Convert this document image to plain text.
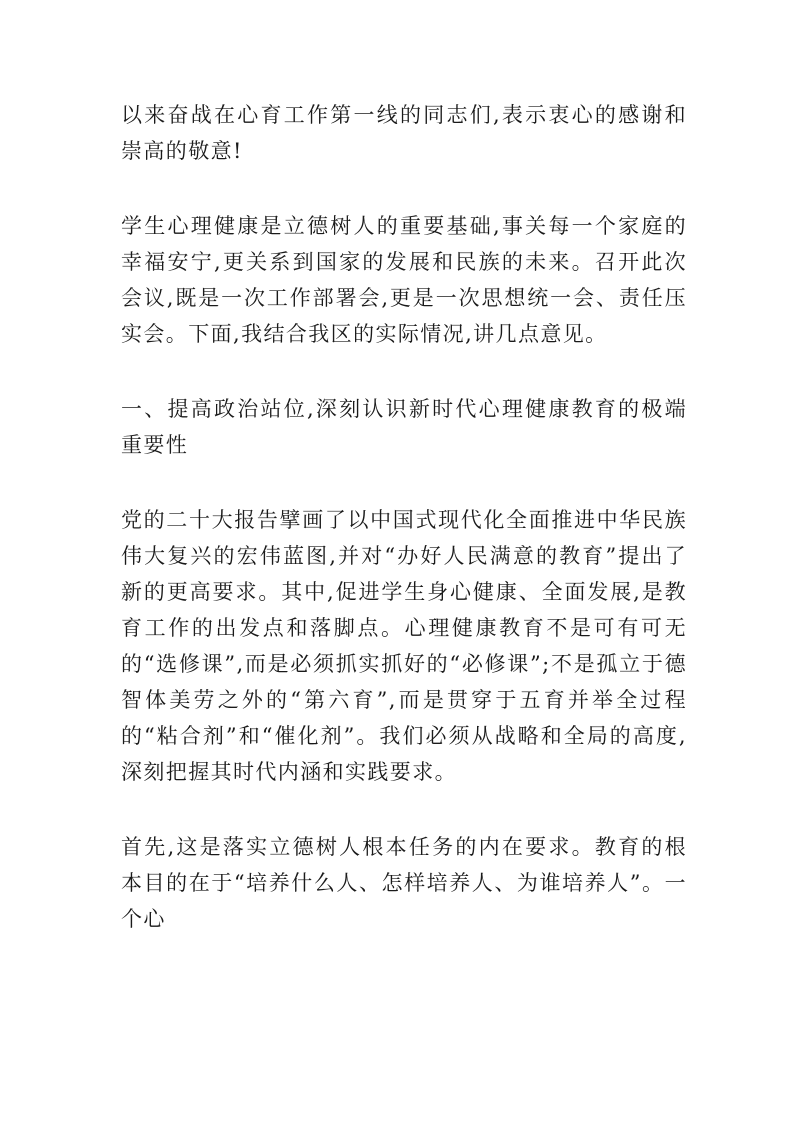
以来奋战在心育工作第一线的同志们,表示衷心的感谢和崇高的敬意!

学生心理健康是立德树人的重要基础,事关每一个家庭的幸福安宁,更关系到国家的发展和民族的未来。召开此次会议,既是一次工作部署会,更是一次思想统一会、责任压实会。下面,我结合我区的实际情况,讲几点意见。

一、提高政治站位,深刻认识新时代心理健康教育的极端重要性

党的二十大报告擘画了以中国式现代化全面推进中华民族伟大复兴的宏伟蓝图,并对“办好人民满意的教育”提出了新的更高要求。其中,促进学生身心健康、全面发展,是教育工作的出发点和落脚点。心理健康教育不是可有可无的“选修课”,而是必须抓实抓好的“必修课”;不是孤立于德智体美劳之外的“第六育”,而是贯穿于五育并举全过程的“粘合剂”和“催化剂”。我们必须从战略和全局的高度,深刻把握其时代内涵和实践要求。

首先,这是落实立德树人根本任务的内在要求。教育的根本目的在于“培养什么人、怎样培养人、为谁培养人”。一个心
